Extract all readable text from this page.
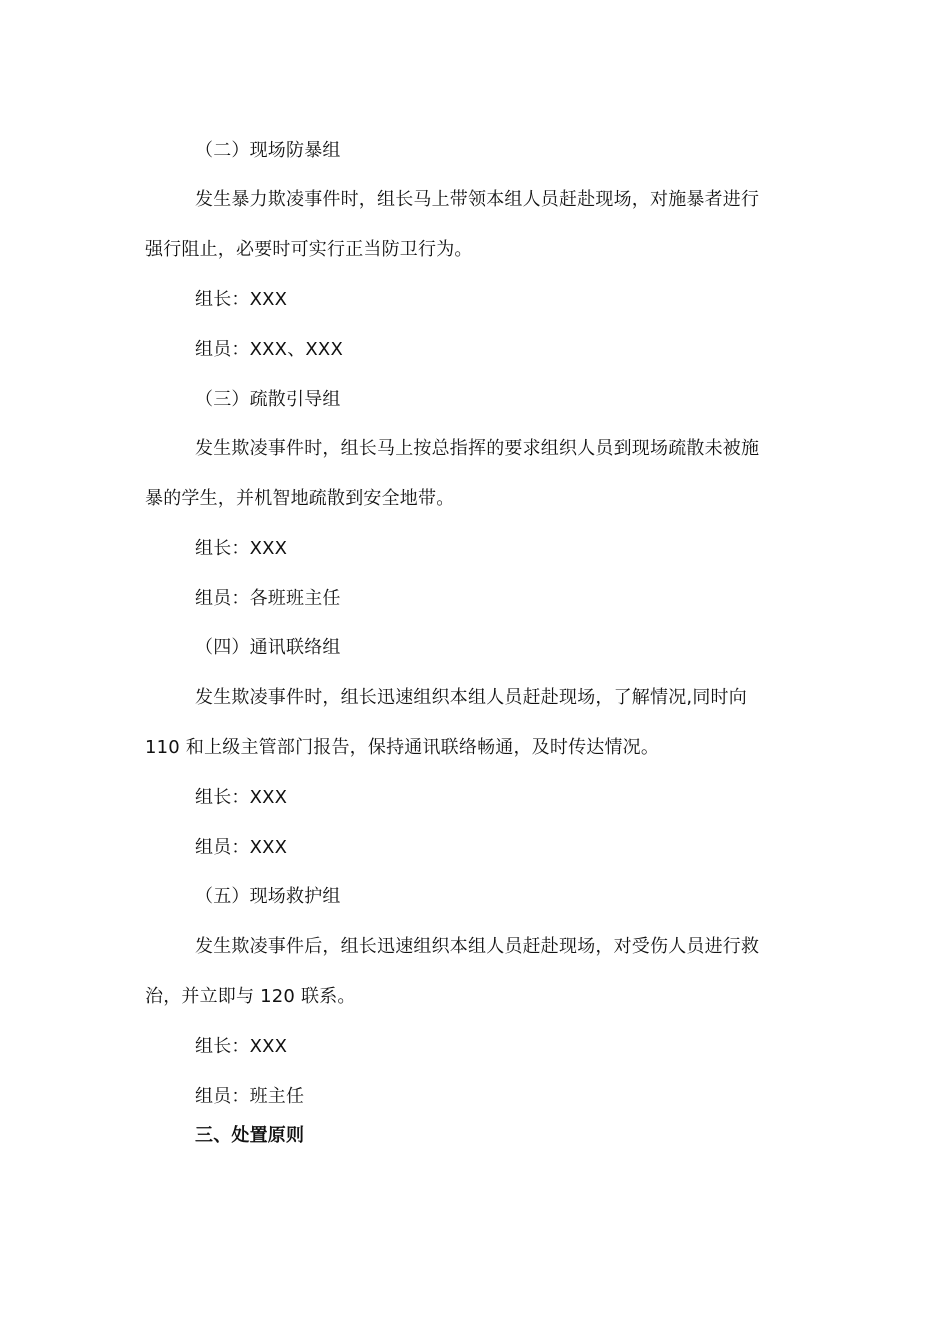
（二）现场防暴组
发生暴力欺凌事件时，组长马上带领本组人员赶赴现场，对施暴者进行
强行阻止，必要时可实行正当防卫行为。
组长：XXX
组员：XXX、XXX
（三）疏散引导组
发生欺凌事件时，组长马上按总指挥的要求组织人员到现场疏散未被施
暴的学生，并机智地疏散到安全地带。
组长：XXX
组员：各班班主任
（四）通讯联络组
发生欺凌事件时，组长迅速组织本组人员赶赴现场，了解情况,同时向
110 和上级主管部门报告，保持通讯联络畅通，及时传达情况。
组长：XXX
组员：XXX
（五）现场救护组
发生欺凌事件后，组长迅速组织本组人员赶赴现场，对受伤人员进行救
治，并立即与 120 联系。
组长：XXX
组员：班主任
三、处置原则
